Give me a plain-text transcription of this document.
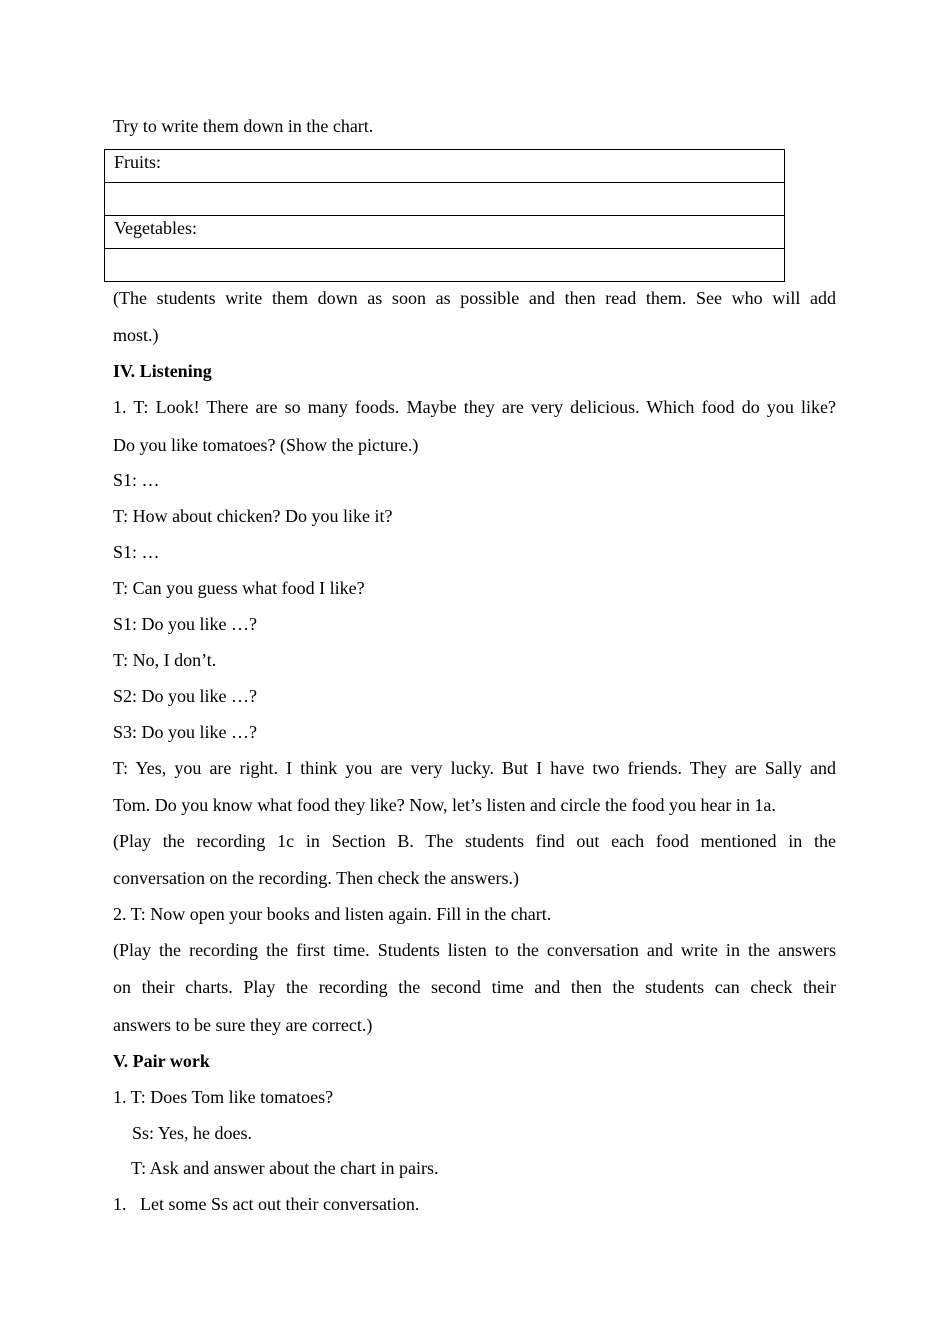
Try to write them down in the chart.
Fruits:

Vegetables:

(The students write them down as soon as possible and then read them. See who will add
most.)
IV. Listening
1. T: Look! There are so many foods. Maybe they are very delicious. Which food do you like?
Do you like tomatoes? (Show the picture.)
S1: …
T: How about chicken? Do you like it?
S1: …
T: Can you guess what food I like?
S1: Do you like …?
T: No, I don’t.
S2: Do you like …?
S3: Do you like …?
T: Yes, you are right. I think you are very lucky. But I have two friends. They are Sally and
Tom. Do you know what food they like? Now, let’s listen and circle the food you hear in 1a.
(Play the recording 1c in Section B. The students find out each food mentioned in the
conversation on the recording. Then check the answers.)
2. T: Now open your books and listen again. Fill in the chart.
(Play the recording the first time. Students listen to the conversation and write in the answers
on their charts. Play the recording the second time and then the students can check their
answers to be sure they are correct.)
V. Pair work
1. T: Does Tom like tomatoes?
Ss: Yes, he does.
T: Ask and answer about the chart in pairs.
1.   Let some Ss act out their conversation.
